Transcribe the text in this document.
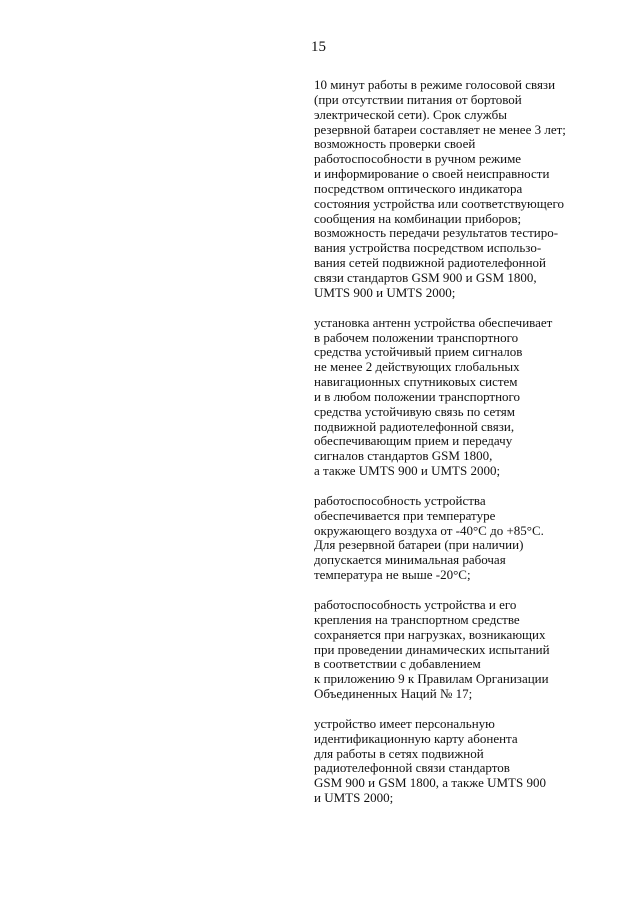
15
10 минут работы в режиме голосовой связи
(при отсутствии питания от бортовой
электрической сети). Срок службы
резервной батареи составляет не менее 3 лет;
возможность проверки своей
работоспособности в ручном режиме
и информирование о своей неисправности
посредством оптического индикатора
состояния устройства или соответствующего
сообщения на комбинации приборов;
возможность передачи результатов тестиро-
вания устройства посредством использо-
вания сетей подвижной радиотелефонной
связи стандартов GSM 900 и GSM 1800,
UMTS 900 и UMTS 2000;
установка антенн устройства обеспечивает
в рабочем положении транспортного
средства устойчивый прием сигналов
не менее 2 действующих глобальных
навигационных спутниковых систем
и в любом положении транспортного
средства устойчивую связь по сетям
подвижной радиотелефонной связи,
обеспечивающим прием и передачу
сигналов стандартов GSM 1800,
а также UMTS 900 и UMTS 2000;
работоспособность устройства
обеспечивается при температуре
окружающего воздуха от -40°С до +85°С.
Для резервной батареи (при наличии)
допускается минимальная рабочая
температура не выше -20°С;
работоспособность устройства и его
крепления на транспортном средстве
сохраняется при нагрузках, возникающих
при проведении динамических испытаний
в соответствии с добавлением
к приложению 9 к Правилам Организации
Объединенных Наций № 17;
устройство имеет персональную
идентификационную карту абонента
для работы в сетях подвижной
радиотелефонной связи стандартов
GSM 900 и GSM 1800, а также UMTS 900
и UMTS 2000;
